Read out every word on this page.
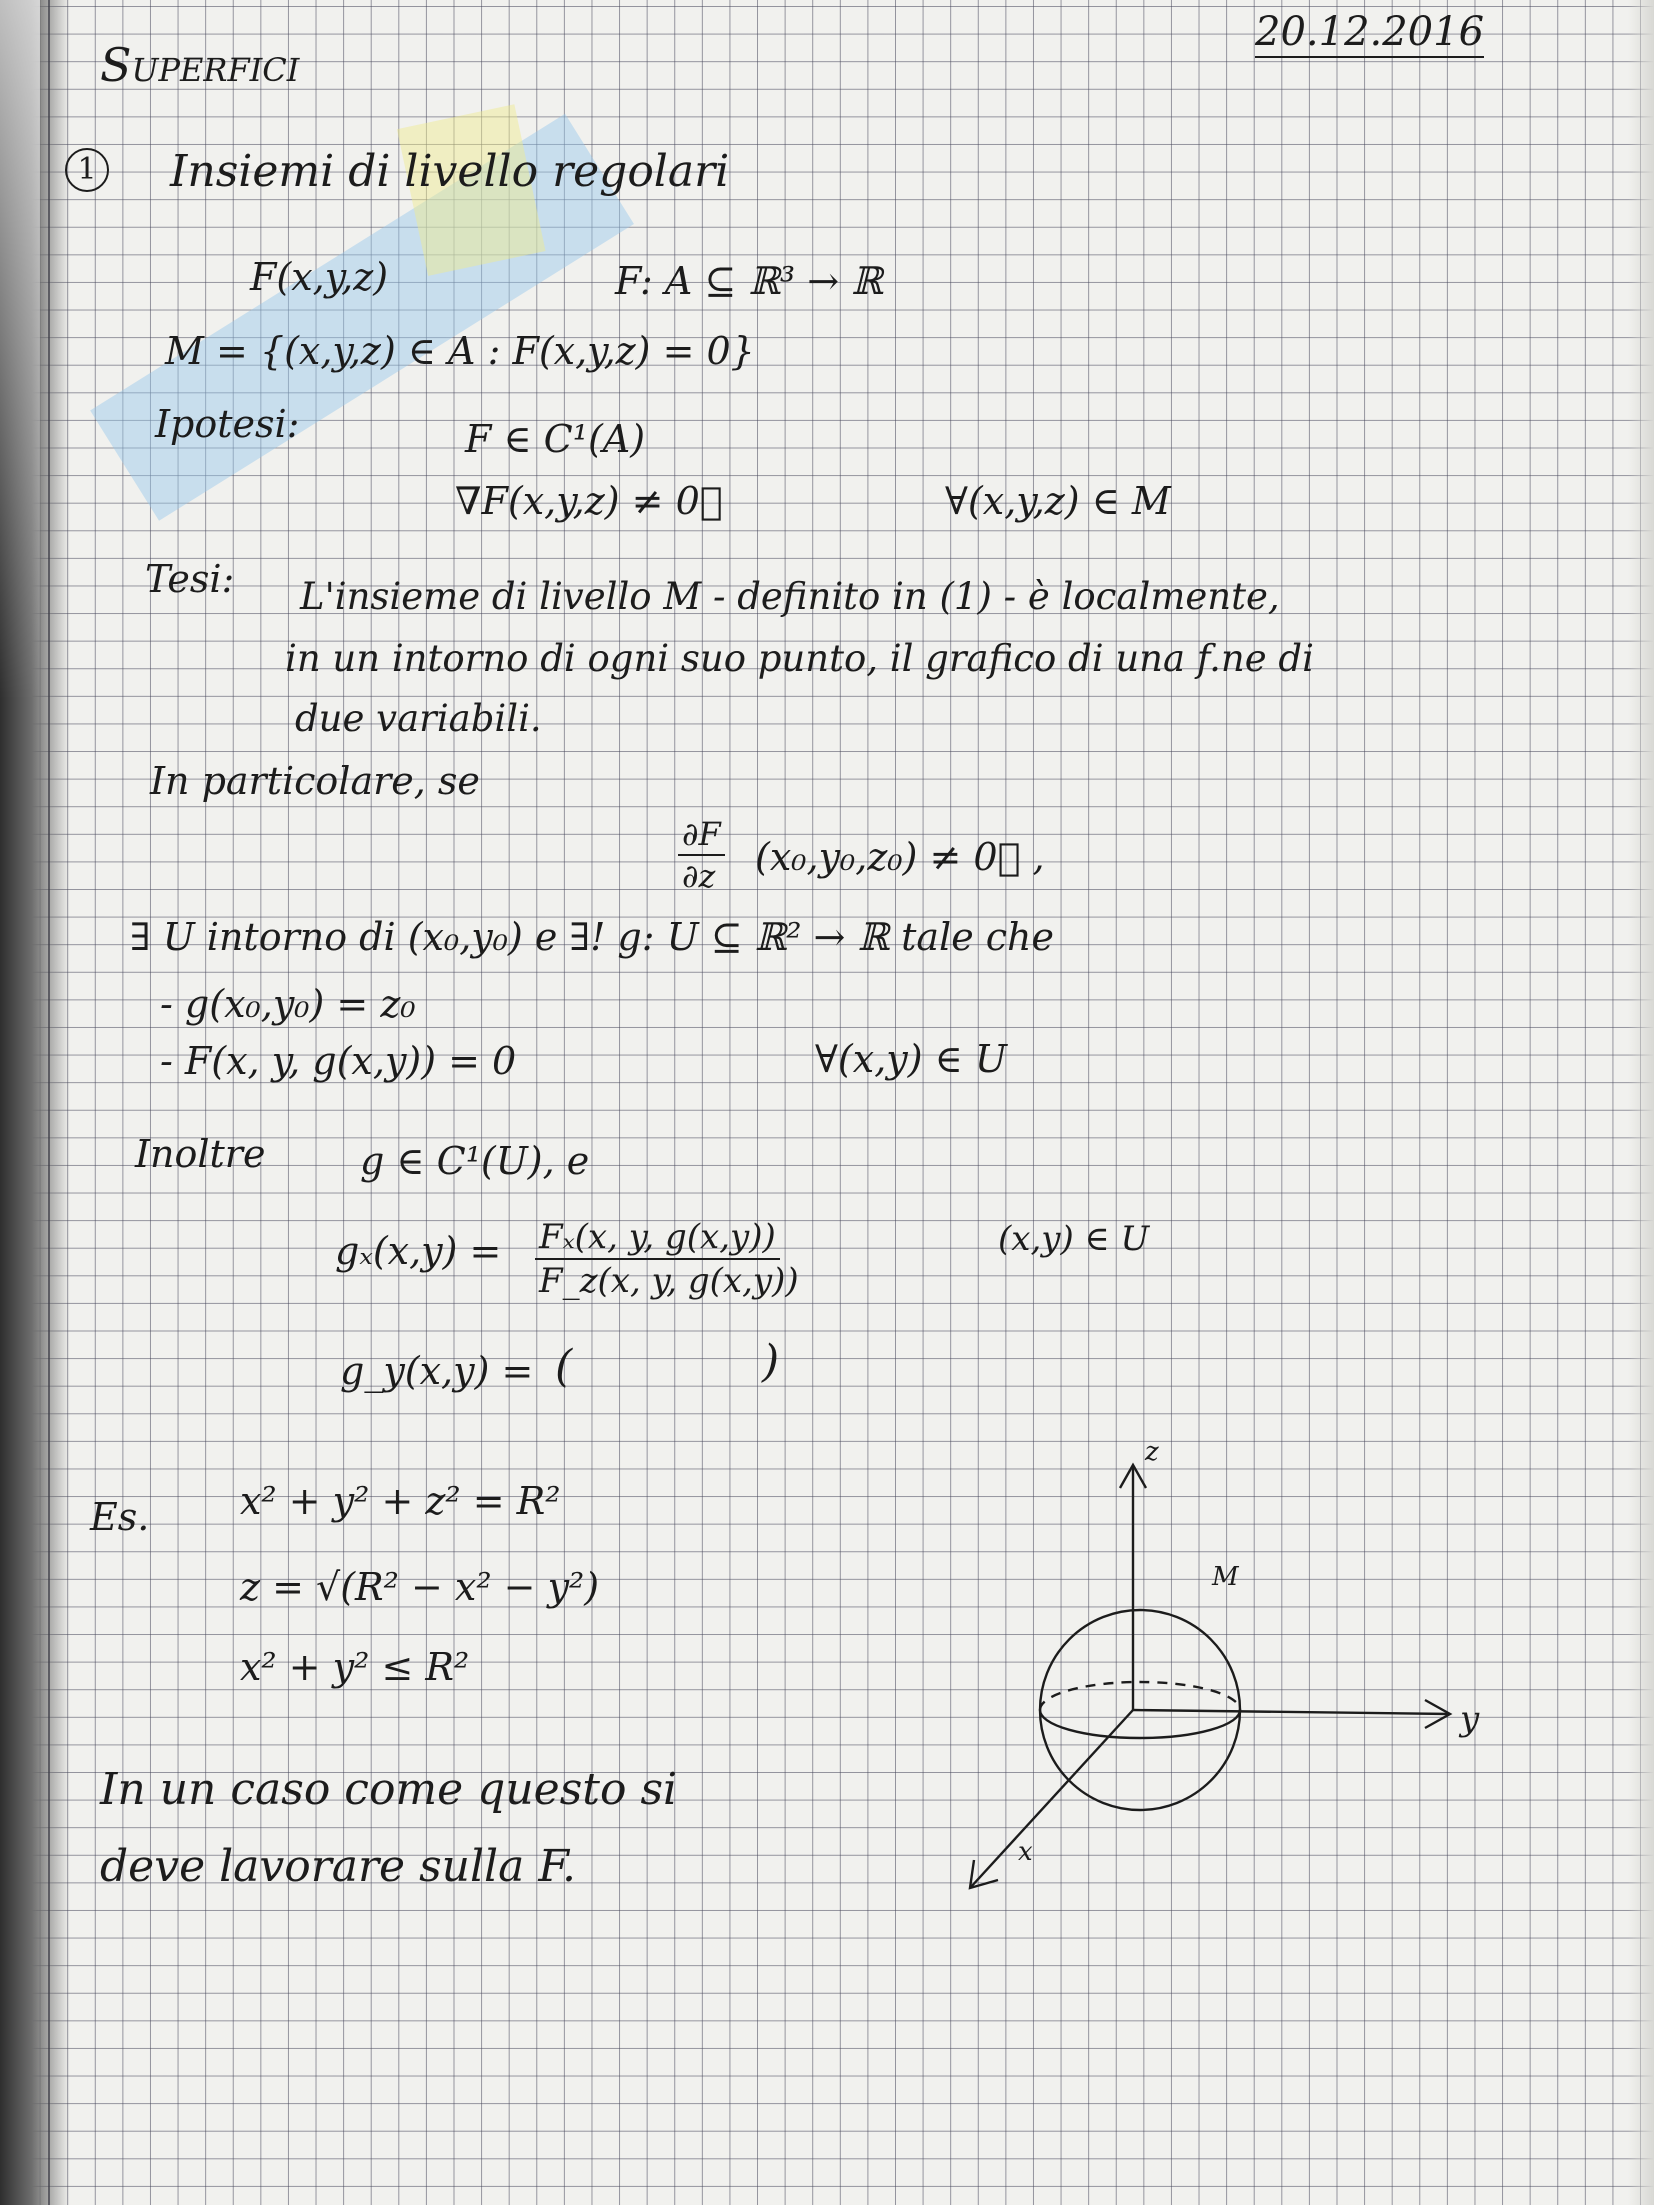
20.12.2016
Superfici
1 Insiemi di livello regolari
F(x,y,z)	F: A ⊆ ℝ³ → ℝ
M = {(x,y,z) ∈ A : F(x,y,z) = 0}
Ipotesi:	F ∈ C¹(A)
∇F(x,y,z) ≠ 0⃗	∀(x,y,z) ∈ M
Tesi: L'insieme di livello M - definito in (1) - è localmente,
in un intorno di ogni suo punto, il grafico di una f.ne di
due variabili.
In particolare, se
$\frac{\partial F}{\partial z} (x_0,y_0,z_0)$ ≠ 0⃗ ,
∃ U intorno di (x₀,y₀) e ∃! g: U ⊆ ℝ² → ℝ tale che
- g(x₀,y₀) = z₀
- F(x, y, g(x,y)) = 0	∀(x,y) ∈ U
Inoltre g ∈ C¹(U), e
$g_x(x,y) = \frac{\text{Fₓ(x, y, g(x,y))}}{F\_z(x, y, g(x,y))}$	(x,y) ∈ U
g_y(x,y) = (	)
Es. x² + y² + z² = R²
z = √(R² − x² − y²)
x² + y² ≤ R²
In un caso come questo si
deve lavorare sulla F.
z
y
x
M
